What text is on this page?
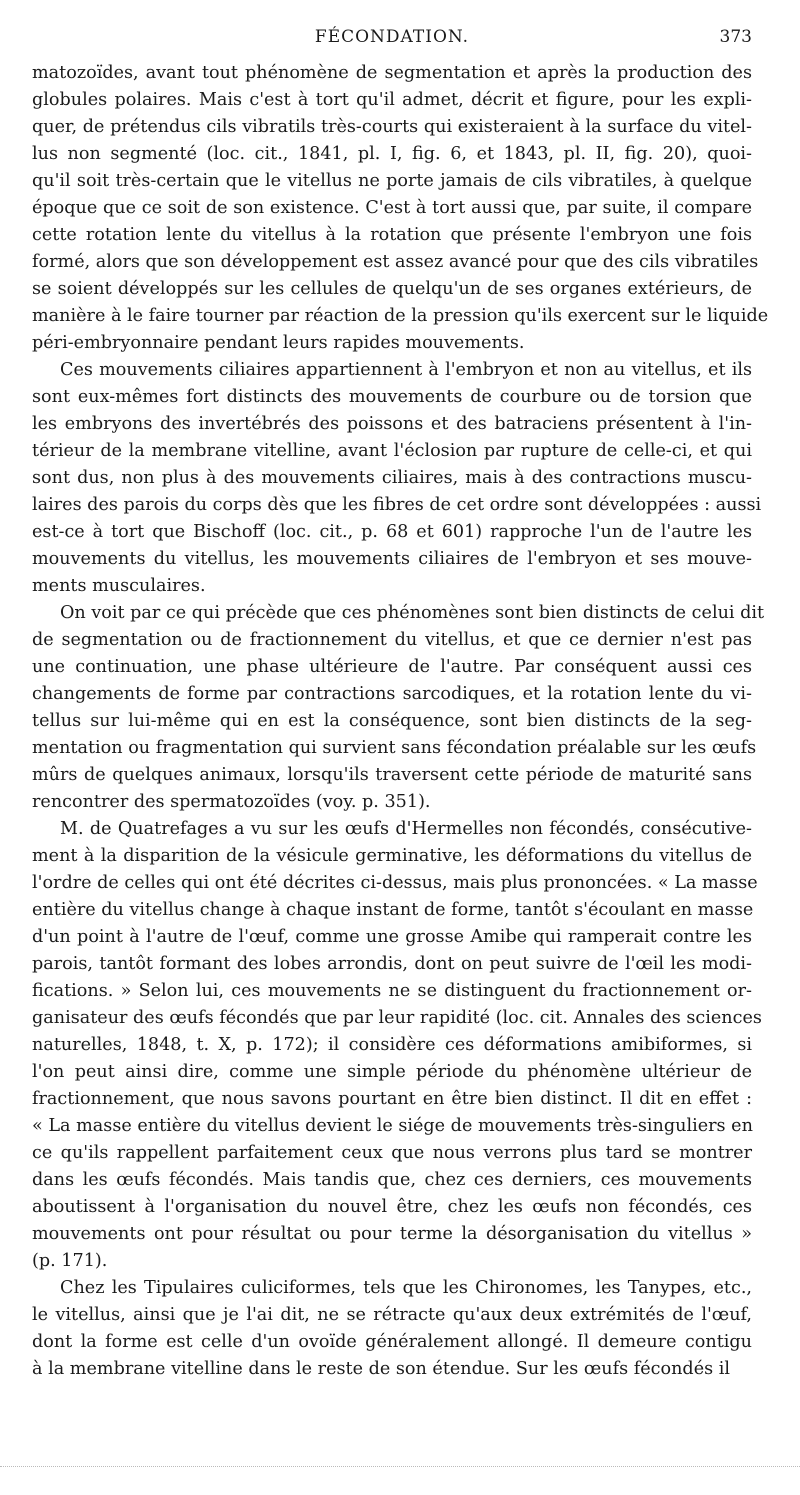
FÉCONDATION.	373
matozoïdes, avant tout phénomène de segmentation et après la production des
globules polaires. Mais c'est à tort qu'il admet, décrit et figure, pour les expli-
quer, de prétendus cils vibratils très-courts qui existeraient à la surface du vitel-
lus non segmenté (loc. cit., 1841, pl. I, fig. 6, et 1843, pl. II, fig. 20), quoi-
qu'il soit très-certain que le vitellus ne porte jamais de cils vibratiles, à quelque
époque que ce soit de son existence. C'est à tort aussi que, par suite, il compare
cette rotation lente du vitellus à la rotation que présente l'embryon une fois
formé, alors que son développement est assez avancé pour que des cils vibratiles
se soient développés sur les cellules de quelqu'un de ses organes extérieurs, de
manière à le faire tourner par réaction de la pression qu'ils exercent sur le liquide
péri-embryonnaire pendant leurs rapides mouvements.
Ces mouvements ciliaires appartiennent à l'embryon et non au vitellus, et ils
sont eux-mêmes fort distincts des mouvements de courbure ou de torsion que
les embryons des invertébrés des poissons et des batraciens présentent à l'in-
térieur de la membrane vitelline, avant l'éclosion par rupture de celle-ci, et qui
sont dus, non plus à des mouvements ciliaires, mais à des contractions muscu-
laires des parois du corps dès que les fibres de cet ordre sont développées : aussi
est-ce à tort que Bischoff (loc. cit., p. 68 et 601) rapproche l'un de l'autre les
mouvements du vitellus, les mouvements ciliaires de l'embryon et ses mouve-
ments musculaires.
On voit par ce qui précède que ces phénomènes sont bien distincts de celui dit
de segmentation ou de fractionnement du vitellus, et que ce dernier n'est pas
une continuation, une phase ultérieure de l'autre. Par conséquent aussi ces
changements de forme par contractions sarcodiques, et la rotation lente du vi-
tellus sur lui-même qui en est la conséquence, sont bien distincts de la seg-
mentation ou fragmentation qui survient sans fécondation préalable sur les œufs
mûrs de quelques animaux, lorsqu'ils traversent cette période de maturité sans
rencontrer des spermatozoïdes (voy. p. 351).
M. de Quatrefages a vu sur les œufs d'Hermelles non fécondés, consécutive-
ment à la disparition de la vésicule germinative, les déformations du vitellus de
l'ordre de celles qui ont été décrites ci-dessus, mais plus prononcées. « La masse
entière du vitellus change à chaque instant de forme, tantôt s'écoulant en masse
d'un point à l'autre de l'œuf, comme une grosse Amibe qui ramperait contre les
parois, tantôt formant des lobes arrondis, dont on peut suivre de l'œil les modi-
fications. » Selon lui, ces mouvements ne se distinguent du fractionnement or-
ganisateur des œufs fécondés que par leur rapidité (loc. cit. Annales des sciences
naturelles, 1848, t. X, p. 172); il considère ces déformations amibiformes, si
l'on peut ainsi dire, comme une simple période du phénomène ultérieur de
fractionnement, que nous savons pourtant en être bien distinct. Il dit en effet :
« La masse entière du vitellus devient le siége de mouvements très-singuliers en
ce qu'ils rappellent parfaitement ceux que nous verrons plus tard se montrer
dans les œufs fécondés. Mais tandis que, chez ces derniers, ces mouvements
aboutissent à l'organisation du nouvel être, chez les œufs non fécondés, ces
mouvements ont pour résultat ou pour terme la désorganisation du vitellus »
(p. 171).
Chez les Tipulaires culiciformes, tels que les Chironomes, les Tanypes, etc.,
le vitellus, ainsi que je l'ai dit, ne se rétracte qu'aux deux extrémités de l'œuf,
dont la forme est celle d'un ovoïde généralement allongé. Il demeure contigu
à la membrane vitelline dans le reste de son étendue. Sur les œufs fécondés il
